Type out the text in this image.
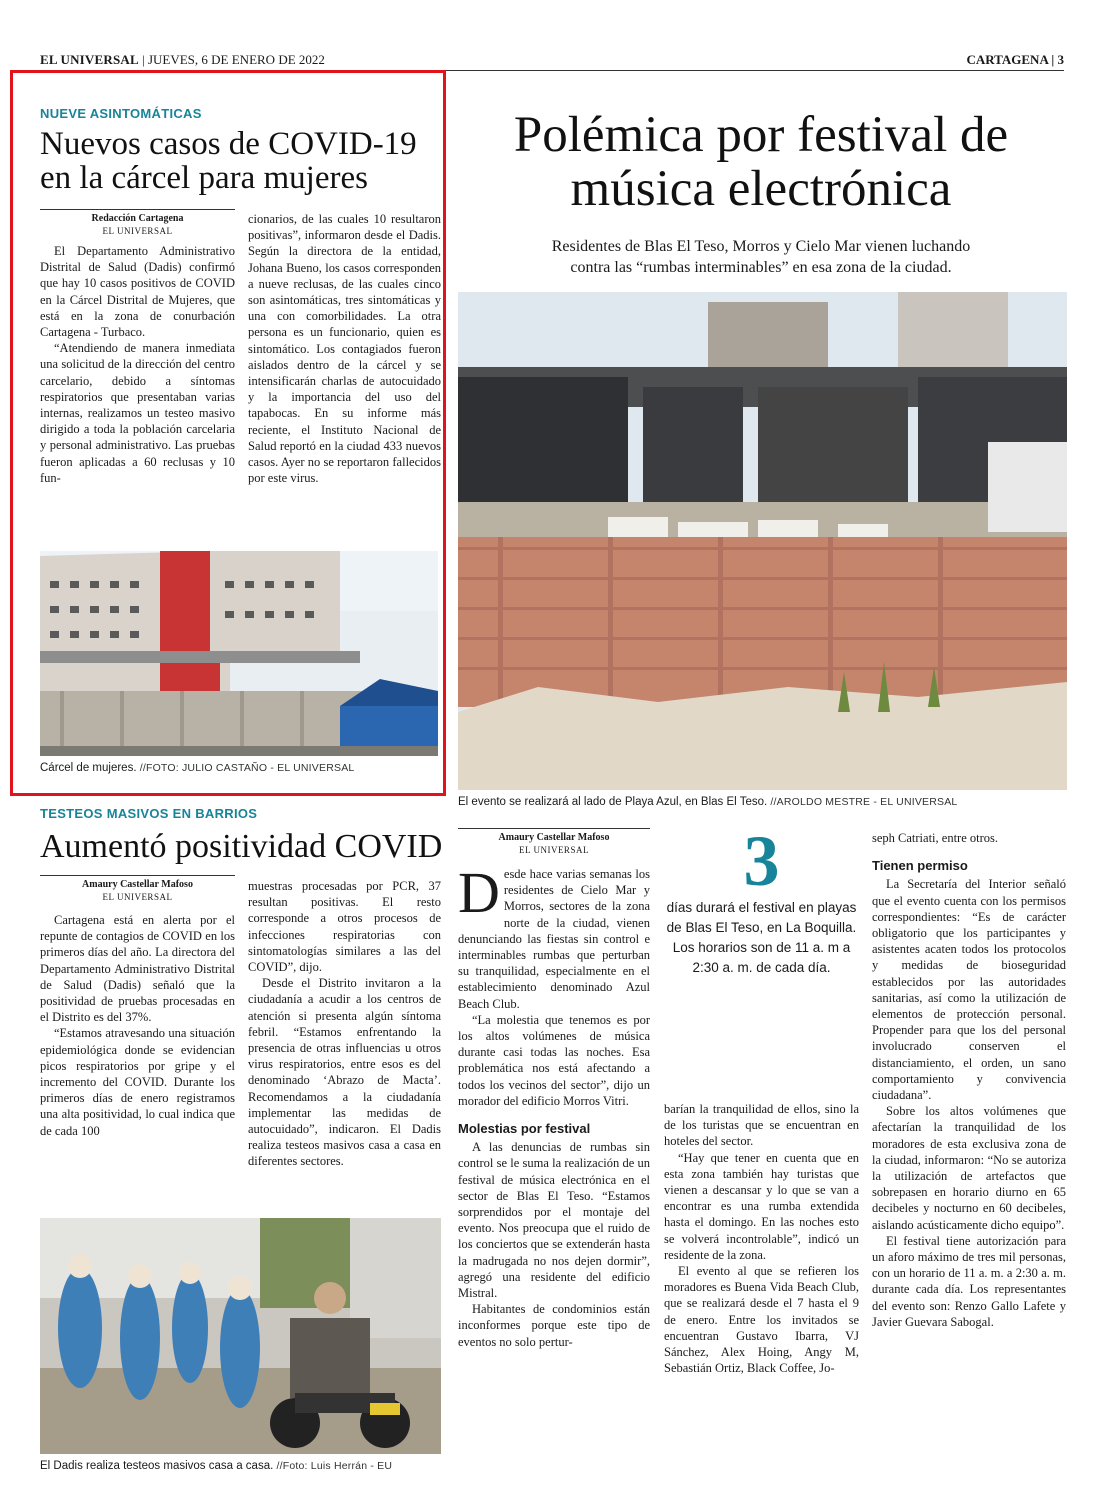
EL UNIVERSAL | JUEVES, 6 DE ENERO DE 2022	CARTAGENA | 3
NUEVE ASINTOMÁTICAS
Nuevos casos de COVID-19
en la cárcel para mujeres
Redacción Cartagena
EL UNIVERSAL

El Departamento Administrativo Distrital de Salud (Dadis) confirmó que hay 10 casos positivos de COVID en la Cárcel Distrital de Mujeres, que está en la zona de conurbación Cartagena - Turbaco.

“Atendiendo de manera inmediata una solicitud de la dirección del centro carcelario, debido a síntomas respiratorios que presentaban varias internas, realizamos un testeo masivo dirigido a toda la población carcelaria y personal administrativo. Las pruebas fueron aplicadas a 60 reclusas y 10 fun-

cionarios, de las cuales 10 resultaron positivas”, informaron desde el Dadis. Según la directora de la entidad, Johana Bueno, los casos corresponden a nueve reclusas, de las cuales cinco son asintomáticas, tres sintomáticas y una con comorbilidades. La otra persona es un funcionario, quien es sintomático. Los contagiados fueron aislados dentro de la cárcel y se intensificarán charlas de autocuidado y la importancia del uso del tapabocas. En su informe más reciente, el Instituto Nacional de Salud reportó en la ciudad 433 nuevos casos. Ayer no se reportaron fallecidos por este virus.

Cárcel de mujeres. //FOTO: JULIO CASTAÑO - EL UNIVERSAL
Polémica por festival de
música electrónica
Residentes de Blas El Teso, Morros y Cielo Mar vienen luchando
contra las “rumbas interminables” en esa zona de la ciudad.
El evento se realizará al lado de Playa Azul, en Blas El Teso. //AROLDO MESTRE - EL UNIVERSAL
Amaury Castellar Mafoso
EL UNIVERSAL

Desde hace varias semanas los residentes de Cielo Mar y Morros, sectores de la zona norte de la ciudad, vienen denunciando las fiestas sin control e interminables rumbas que perturban su tranquilidad, especialmente en el establecimiento denominado Azul Beach Club.

“La molestia que tenemos es por los altos volúmenes de música durante casi todas las noches. Esa problemática nos está afectando a todos los vecinos del sector”, dijo un morador del edificio Morros Vitri.

Molestias por festival

A las denuncias de rumbas sin control se le suma la realización de un festival de música electrónica en el sector de Blas El Teso. “Estamos sorprendidos por el montaje del evento. Nos preocupa que el ruido de los conciertos que se extenderán hasta la madrugada no nos dejen dormir”, agregó una residente del edificio Mistral.

Habitantes de condominios están inconformes porque este tipo de eventos no solo pertur-

3
días durará el festival en playas
de Blas El Teso, en La Boquilla.
Los horarios son de 11 a. m a
2:30 a. m. de cada día.

barían la tranquilidad de ellos, sino la de los turistas que se encuentran en hoteles del sector.

“Hay que tener en cuenta que en esta zona también hay turistas que vienen a descansar y lo que se van a encontrar es una rumba extendida hasta el domingo. En las noches esto se volverá incontrolable”, indicó un residente de la zona.

El evento al que se refieren los moradores es Buena Vida Beach Club, que se realizará desde el 7 hasta el 9 de enero. Entre los invitados se encuentran Gustavo Ibarra, VJ Sánchez, Alex Hoing, Angy M, Sebastián Ortiz, Black Coffee, Jo-

seph Catriati, entre otros.

Tienen permiso

La Secretaría del Interior señaló que el evento cuenta con los permisos correspondientes: “Es de carácter obligatorio que los participantes y asistentes acaten todos los protocolos y medidas de bioseguridad establecidos por las autoridades sanitarias, así como la utilización de elementos de protección personal. Propender para que los del personal involucrado conserven el distanciamiento, el orden, un sano comportamiento y convivencia ciudadana”.

Sobre los altos volúmenes que afectarían la tranquilidad de los moradores de esta exclusiva zona de la ciudad, informaron: “No se autoriza la utilización de artefactos que sobrepasen en horario diurno en 65 decibeles y nocturno en 60 decibeles, aislando acústicamente dicho equipo”.

El festival tiene autorización para un aforo máximo de tres mil personas, con un horario de 11 a. m. a 2:30 a. m. durante cada día. Los representantes del evento son: Renzo Gallo Lafete y Javier Guevara Sabogal.

TESTEOS MASIVOS EN BARRIOS
Aumentó positividad COVID
Amaury Castellar Mafoso
EL UNIVERSAL

Cartagena está en alerta por el repunte de contagios de COVID en los primeros días del año. La directora del Departamento Administrativo Distrital de Salud (Dadis) señaló que la positividad de pruebas procesadas en el Distrito es del 37%.

“Estamos atravesando una situación epidemiológica donde se evidencian picos respiratorios por gripe y el incremento del COVID. Durante los primeros días de enero registramos una alta positividad, lo cual indica que de cada 100

muestras procesadas por PCR, 37 resultan positivas. El resto corresponde a otros procesos de infecciones respiratorias con sintomatologías similares a las del COVID”, dijo.

Desde el Distrito invitaron a la ciudadanía a acudir a los centros de atención si presenta algún síntoma febril. “Estamos enfrentando la presencia de otras influencias u otros virus respiratorios, entre esos es del denominado ‘Abrazo de Macta’. Recomendamos a la ciudadanía implementar las medidas de autocuidado”, indicaron. El Dadis realiza testeos masivos casa a casa en diferentes sectores.

El Dadis realiza testeos masivos casa a casa. //Foto: Luis Herrán - EU
